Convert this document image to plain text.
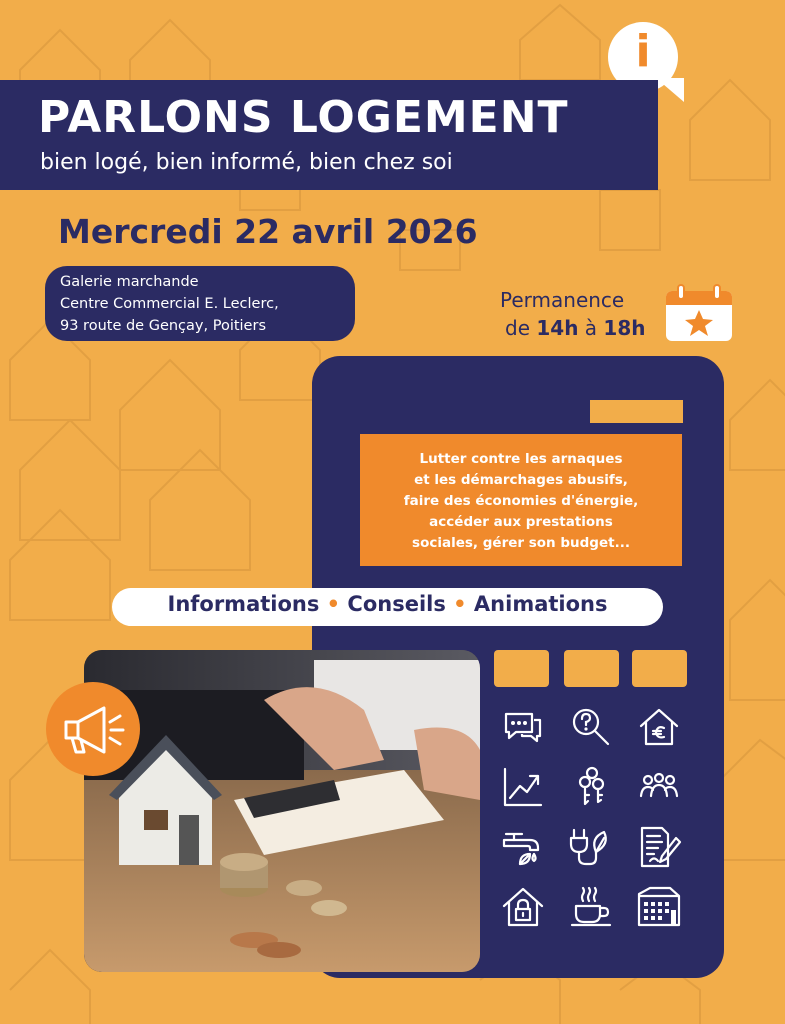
i
PARLONS LOGEMENT
bien logé, bien informé, bien chez soi
Mercredi 22 avril 2026
Galerie marchande
Centre Commercial E. Leclerc,
93 route de Gençay, Poitiers
Permanence
de 14h à 18h
Lutter contre les arnaques
et les démarchages abusifs,
faire des économies d'énergie,
accéder aux prestations
sociales, gérer son budget...
Informations • Conseils • Animations
